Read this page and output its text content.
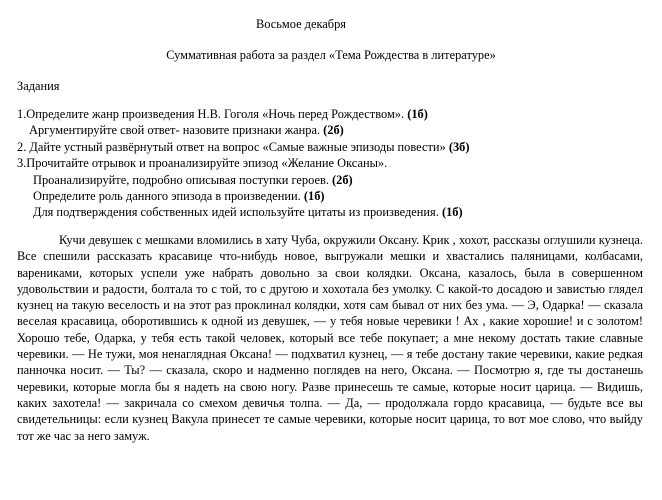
Восьмое декабря
Суммативная работа за раздел «Тема Рождества в литературе»
Задания
1.Определите жанр произведения Н.В. Гоголя «Ночь перед Рождеством». (1б)
Аргументируйте свой ответ- назовите признаки жанра. (2б)
2. Дайте устный развёрнутый ответ на вопрос «Самые важные эпизоды повести» (3б)
3.Прочитайте отрывок и проанализируйте эпизод «Желание Оксаны».
Проанализируйте, подробно описывая поступки героев. (2б)
Определите роль данного эпизода в произведении. (1б)
Для подтверждения собственных идей используйте цитаты из произведения. (1б)

Кучи девушек с мешками вломились в хату Чуба, окружили Оксану. Крик , хохот, рассказы оглушили кузнеца. Все спешили рассказать красавице что-нибудь новое, выгружали мешки и хвастались паляницами, колбасами, варениками, которых успели уже набрать довольно за свои колядки. Оксана, казалось, была в совершенном удовольствии и радости, болтала то с той, то с другою и хохотала без умолку. С какой-то досадою и завистью глядел кузнец на такую веселость и на этот раз проклинал колядки, хотя сам бывал от них без ума. — Э, Одарка! — сказала веселая красавица, оборотившись к одной из девушек, — у тебя новые черевики ! Ах , какие хорошие! и с золотом! Хорошо тебе, Одарка, у тебя есть такой человек, который все тебе покупает; а мне некому достать такие славные черевики. — Не тужи, моя ненаглядная Оксана! — подхватил кузнец, — я тебе достану такие черевики, какие редкая панночка носит. — Ты? — сказала, скоро и надменно поглядев на него, Оксана. — Посмотрю я, где ты достанешь черевики, которые могла бы я надеть на свою ногу. Разве принесешь те самые, которые носит царица. — Видишь, каких захотела! — закричала со смехом девичья толпа. — Да, — продолжала гордо красавица, — будьте все вы свидетельницы: если кузнец Вакула принесет те самые черевики, которые носит царица, то вот мое слово, что выйду тот же час за него замуж.
